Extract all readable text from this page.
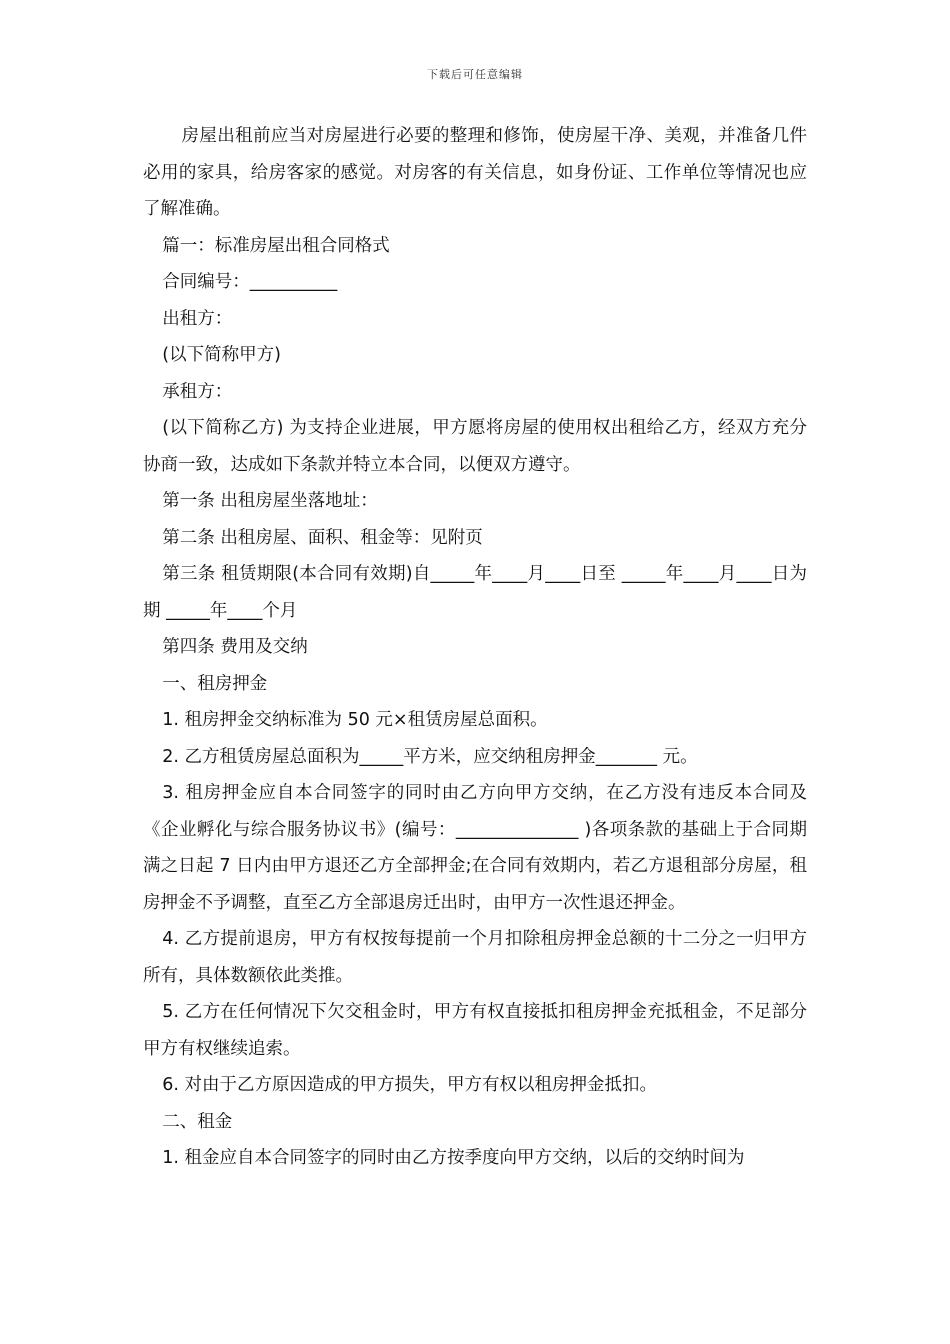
下载后可任意编辑

房屋出租前应当对房屋进行必要的整理和修饰，使房屋干净、美观，并准备几件必用的家具，给房客家的感觉。对房客的有关信息，如身份证、工作单位等情况也应了解准确。

篇一：标准房屋出租合同格式

合同编号：__________

出租方：

(以下简称甲方)

承租方：

(以下简称乙方) 为支持企业进展，甲方愿将房屋的使用权出租给乙方，经双方充分协商一致，达成如下条款并特立本合同，以便双方遵守。

第一条 出租房屋坐落地址：

第二条 出租房屋、面积、租金等：见附页

第三条 租赁期限(本合同有效期)自_____年____月____日至 _____年____月____日为期 _____年____个月

第四条 费用及交纳

一、租房押金

1. 租房押金交纳标准为 50 元×租赁房屋总面积。

2. 乙方租赁房屋总面积为_____平方米，应交纳租房押金_______ 元。

3. 租房押金应自本合同签字的同时由乙方向甲方交纳，在乙方没有违反本合同及《企业孵化与综合服务协议书》(编号：______________ )各项条款的基础上于合同期满之日起 7 日内由甲方退还乙方全部押金;在合同有效期内，若乙方退租部分房屋，租房押金不予调整，直至乙方全部退房迁出时，由甲方一次性退还押金。

4. 乙方提前退房，甲方有权按每提前一个月扣除租房押金总额的十二分之一归甲方所有，具体数额依此类推。

5. 乙方在任何情况下欠交租金时，甲方有权直接抵扣租房押金充抵租金，不足部分甲方有权继续追索。

6. 对由于乙方原因造成的甲方损失，甲方有权以租房押金抵扣。

二、租金

1. 租金应自本合同签字的同时由乙方按季度向甲方交纳，以后的交纳时间为
